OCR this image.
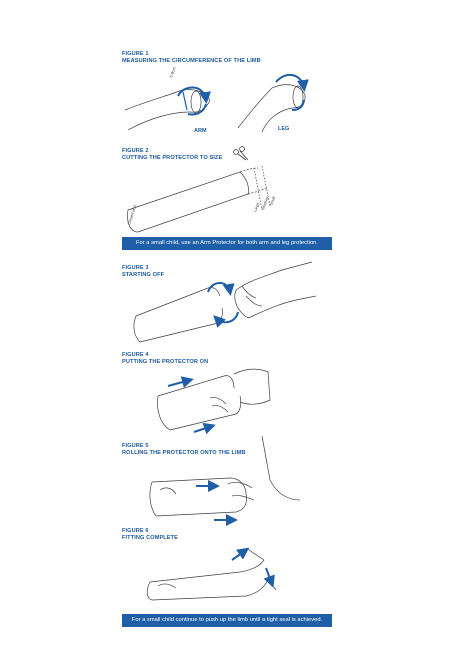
5-8cm
ARM	LEG
Closed end	Large Medium Small
FIGURE 1
MEASURING THE CIRCUMFERENCE OF THE LIMB
FIGURE 2
CUTTING THE PROTECTOR TO SIZE
For a small child, use an Arm Protector for both arm and leg protection.
FIGURE 3
STARTING OFF
FIGURE 4
PUTTING THE PROTECTOR ON
FIGURE 5
ROLLING THE PROTECTOR ONTO THE LIMB
FIGURE 6
FITTING COMPLETE
For a small child continue to push up the limb until a tight seal is achieved.
